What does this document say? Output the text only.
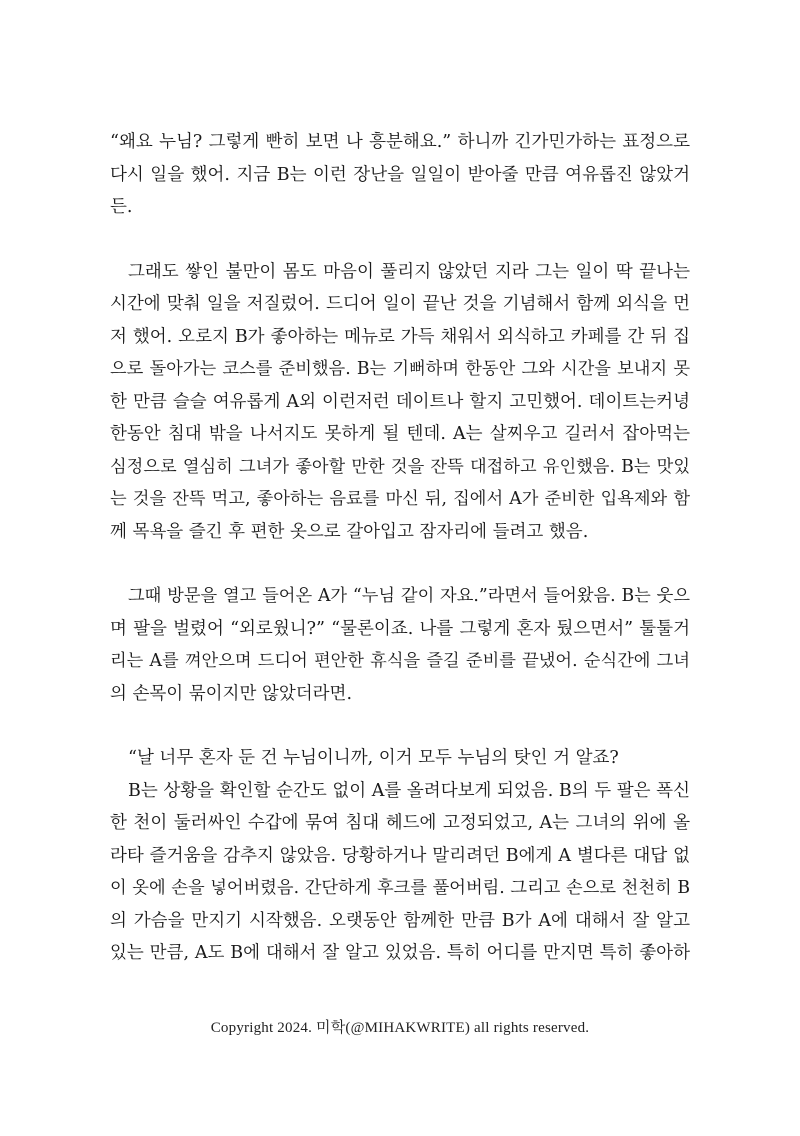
“왜요 누님? 그렇게 빤히 보면 나 흥분해요.” 하니까 긴가민가하는 표정으로
다시 일을 했어. 지금 B는 이런 장난을 일일이 받아줄 만큼 여유롭진 않았거
든.

그래도 쌓인 불만이 몸도 마음이 풀리지 않았던 지라 그는 일이 딱 끝나는
시간에 맞춰 일을 저질렀어. 드디어 일이 끝난 것을 기념해서 함께 외식을 먼
저 했어. 오로지 B가 좋아하는 메뉴로 가득 채워서 외식하고 카페를 간 뒤 집
으로 돌아가는 코스를 준비했음. B는 기뻐하며 한동안 그와 시간을 보내지 못
한 만큼 슬슬 여유롭게 A외 이런저런 데이트나 할지 고민했어. 데이트는커녕
한동안 침대 밖을 나서지도 못하게 될 텐데. A는 살찌우고 길러서 잡아먹는
심정으로 열심히 그녀가 좋아할 만한 것을 잔뜩 대접하고 유인했음. B는 맛있
는 것을 잔뜩 먹고, 좋아하는 음료를 마신 뒤, 집에서 A가 준비한 입욕제와 함
께 목욕을 즐긴 후 편한 옷으로 갈아입고 잠자리에 들려고 했음.

그때 방문을 열고 들어온 A가 “누님 같이 자요.”라면서 들어왔음. B는 웃으
며 팔을 벌렸어 “외로웠니?” “물론이죠. 나를 그렇게 혼자 뒀으면서” 툴툴거
리는 A를 껴안으며 드디어 편안한 휴식을 즐길 준비를 끝냈어. 순식간에 그녀
의 손목이 묶이지만 않았더라면.

“날 너무 혼자 둔 건 누님이니까, 이거 모두 누님의 탓인 거 알죠?
B는 상황을 확인할 순간도 없이 A를 올려다보게 되었음. B의 두 팔은 폭신
한 천이 둘러싸인 수갑에 묶여 침대 헤드에 고정되었고, A는 그녀의 위에 올
라타 즐거움을 감추지 않았음. 당황하거나 말리려던 B에게 A 별다른 대답 없
이 옷에 손을 넣어버렸음. 간단하게 후크를 풀어버림. 그리고 손으로 천천히 B
의 가슴을 만지기 시작했음. 오랫동안 함께한 만큼 B가 A에 대해서 잘 알고
있는 만큼, A도 B에 대해서 잘 알고 있었음. 특히 어디를 만지면 특히 좋아하

Copyright 2024. 미학(@MIHAKWRITE) all rights reserved.
